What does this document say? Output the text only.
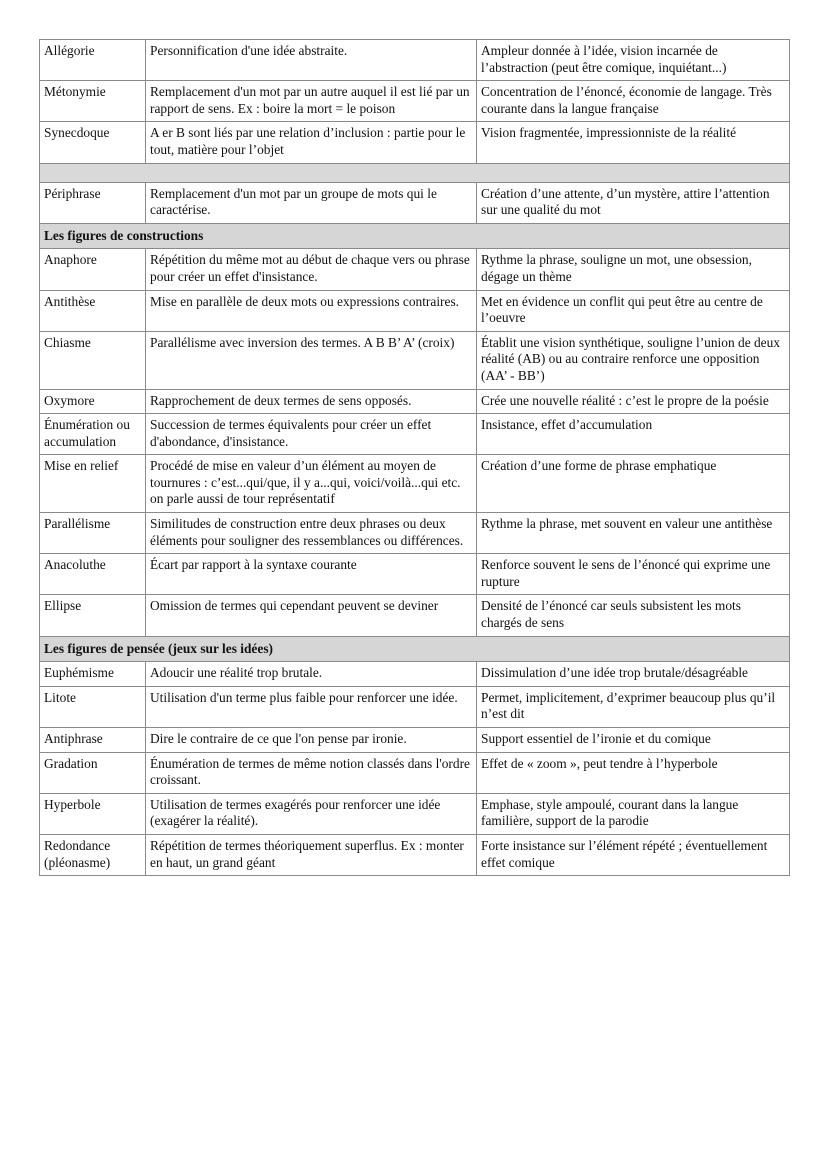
Allégorie	Personnification d'une idée abstraite.	Ampleur donnée à l’idée, vision incarnée de l’abstraction (peut être comique, inquiétant...)
Métonymie	Remplacement d'un mot par un autre auquel il est lié par un rapport de sens. Ex : boire la mort = le poison	Concentration de l’énoncé, économie de langage. Très courante dans la langue française
Synecdoque	A er B sont liés par une relation d’inclusion : partie pour le tout, matière pour l’objet	Vision fragmentée, impressionniste de la réalité

Périphrase	Remplacement d'un mot par un groupe de mots qui le caractérise.	Création d’une attente, d’un mystère, attire l’attention sur une qualité du mot
Les figures de constructions		
Anaphore	Répétition du même mot au début de chaque vers ou phrase pour créer un effet d'insistance.	Rythme la phrase, souligne un mot, une obsession, dégage un thème
Antithèse	Mise en parallèle de deux mots ou expressions contraires.	Met en évidence un conflit qui peut être au centre de l’oeuvre
Chiasme	Parallélisme avec inversion des termes. A B B’ A’ (croix)	Établit une vision synthétique, souligne l’union de deux réalité (AB) ou au contraire renforce une opposition (AA’ - BB’)
Oxymore	Rapprochement de deux termes de sens opposés.	Crée une nouvelle réalité : c’est le propre de la poésie
Énumération ou accumulation	Succession de termes équivalents pour créer un effet d'abondance, d'insistance.	Insistance, effet d’accumulation
Mise en relief	Procédé de mise en valeur d’un élément au moyen de tournures : c’est...qui/que, il y a...qui, voici/voilà...qui etc. on parle aussi de tour représentatif	Création d’une forme de phrase emphatique
Parallélisme	Similitudes de construction entre deux phrases ou deux éléments pour souligner des ressemblances ou différences.	Rythme la phrase, met souvent en valeur une antithèse
Anacoluthe	Écart par rapport à la syntaxe courante	Renforce souvent le sens de l’énoncé qui exprime une rupture
Ellipse	Omission de termes qui cependant peuvent se deviner	Densité de l’énoncé car seuls subsistent les mots chargés de sens
Les figures de pensée (jeux sur les idées)		
Euphémisme	Adoucir une réalité trop brutale.	Dissimulation d’une idée trop brutale/désagréable
Litote	Utilisation d'un terme plus faible pour renforcer une idée.	Permet, implicitement, d’exprimer beaucoup plus qu’il n’est dit
Antiphrase	Dire le contraire de ce que l'on pense par ironie.	Support essentiel de l’ironie et du comique
Gradation	Énumération de termes de même notion classés dans l'ordre croissant.	Effet de « zoom », peut tendre à l’hyperbole
Hyperbole	Utilisation de termes exagérés pour renforcer une idée (exagérer la réalité).	Emphase, style ampoulé, courant dans la langue familière, support de la parodie
Redondance (pléonasme)	Répétition de termes théoriquement superflus. Ex : monter en haut, un grand géant	Forte insistance sur l’élément répété ; éventuellement effet comique
